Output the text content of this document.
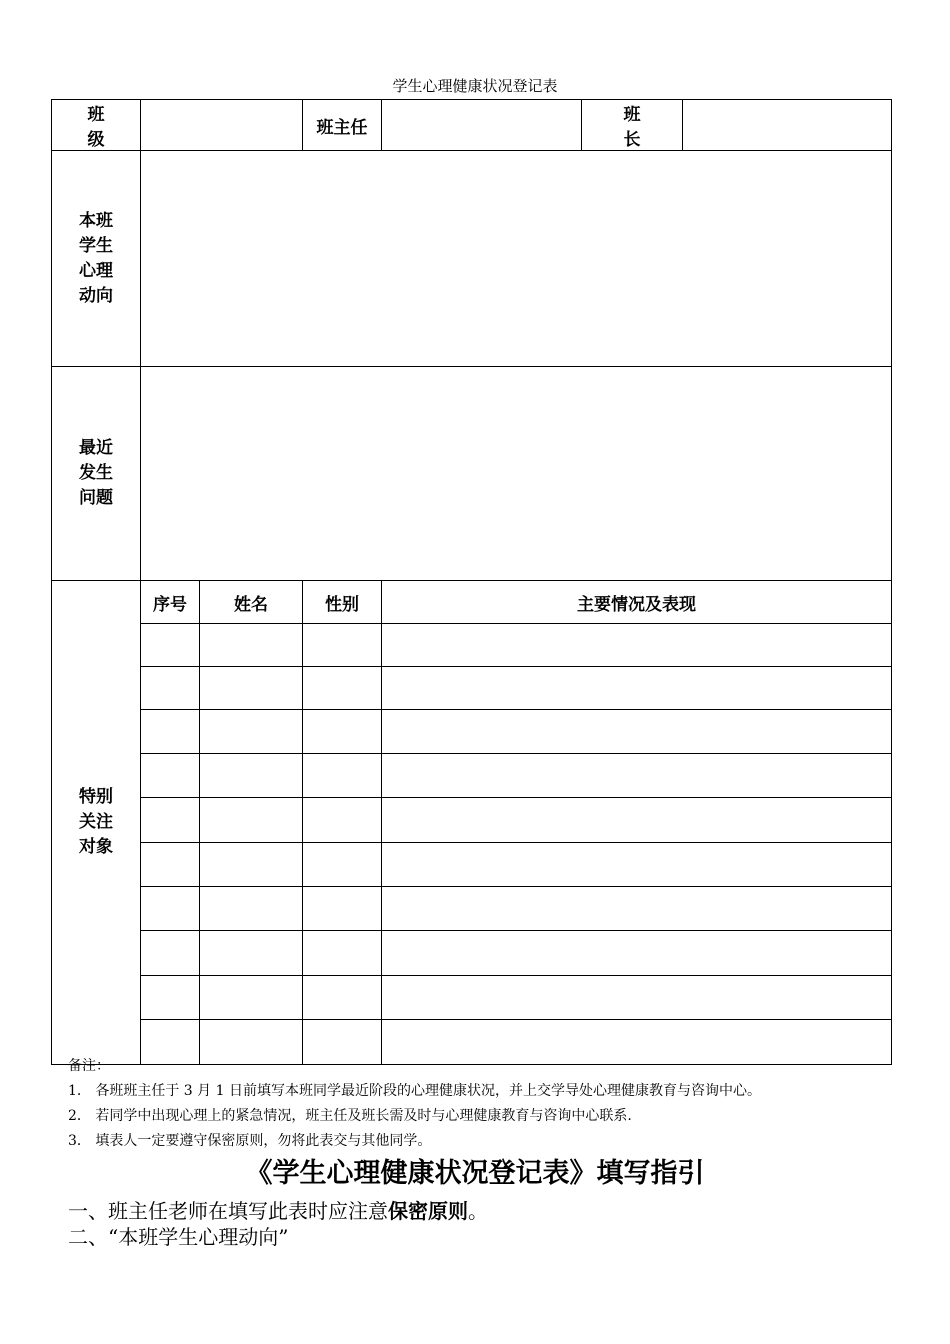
学生心理健康状况登记表
班　级			班主任		班　长	

本班
学生
心理
动向						

最近
发生
问题						

特别
关注
对象	序号	姓名	性别	主要情况及表现		

备注：
1． 各班班主任于 3 月 1 日前填写本班同学最近阶段的心理健康状况，并上交学导处心理健康教育与咨询中心。
2． 若同学中出现心理上的紧急情况，班主任及班长需及时与心理健康教育与咨询中心联系.
3． 填表人一定要遵守保密原则，勿将此表交与其他同学。
《学生心理健康状况登记表》填写指引
一、班主任老师在填写此表时应注意保密原则。
二、“本班学生心理动向”
